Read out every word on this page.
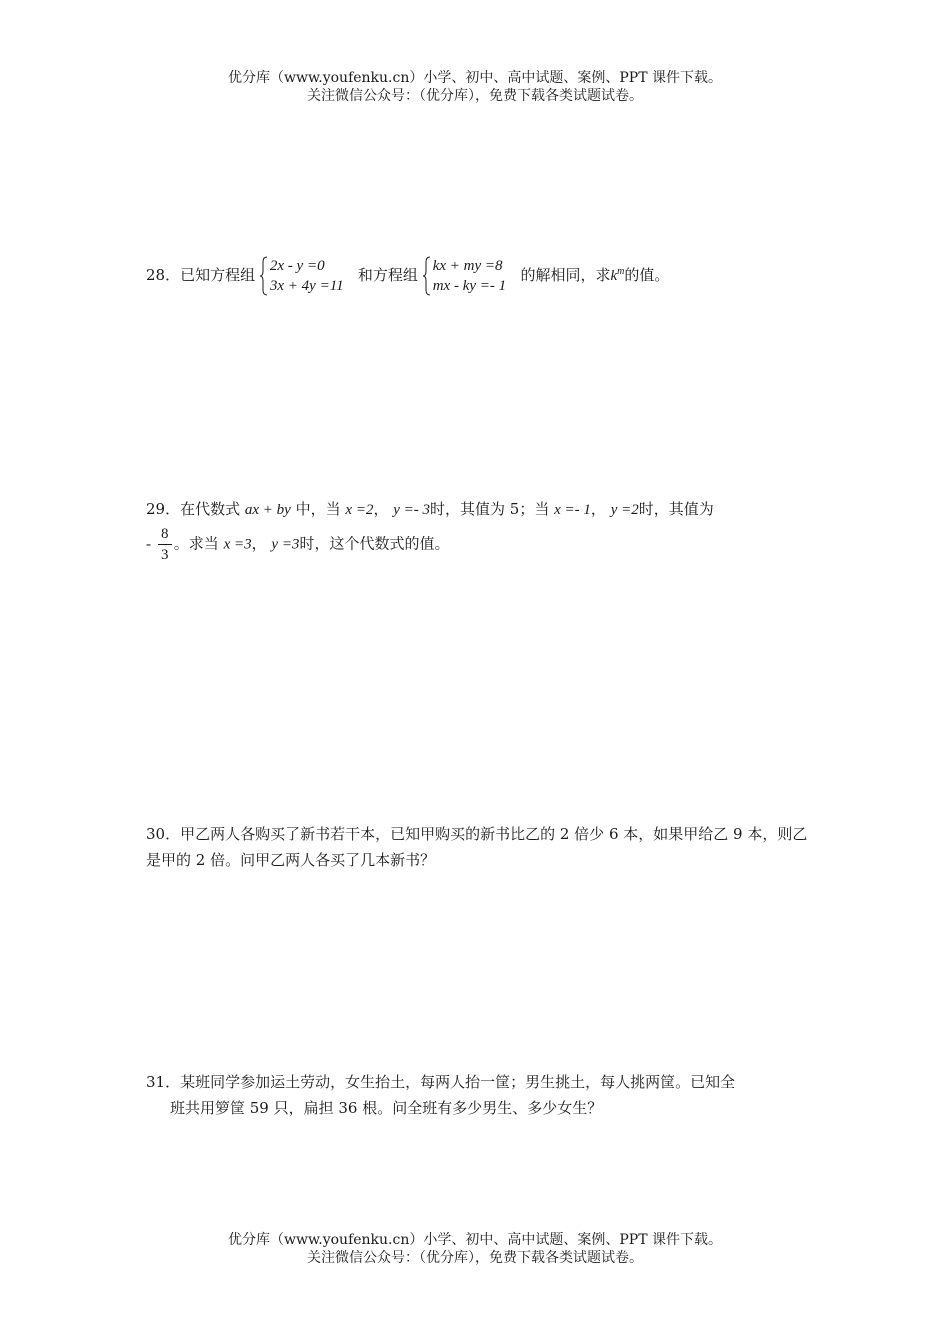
优分库（www.youfenku.cn）小学、初中、高中试题、案例、PPT 课件下载。
关注微信公众号：（优分库），免费下载各类试题试卷。
28．已知方程组 2x - y =0
3x + 4y =11
和方程组 kx + my =8
mx - ky =- 1
的解相同，求$k^m$的值。
29．在代数式 ax + by 中，当 x =2， y =- 3时，其值为 5；当 x =- 1， y =2时，其值为
- $\frac{8}{3}$ 。求当 x =3， y =3时，这个代数式的值。
30．甲乙两人各购买了新书若干本，已知甲购买的新书比乙的 2 倍少 6 本，如果甲给乙 9 本，则乙是甲的 2 倍。问甲乙两人各买了几本新书？
31．某班同学参加运土劳动，女生抬土，每两人抬一筐；男生挑土，每人挑两筐。已知全
班共用箩筐 59 只，扁担 36 根。问全班有多少男生、多少女生？
优分库（www.youfenku.cn）小学、初中、高中试题、案例、PPT 课件下载。
关注微信公众号：（优分库），免费下载各类试题试卷。
